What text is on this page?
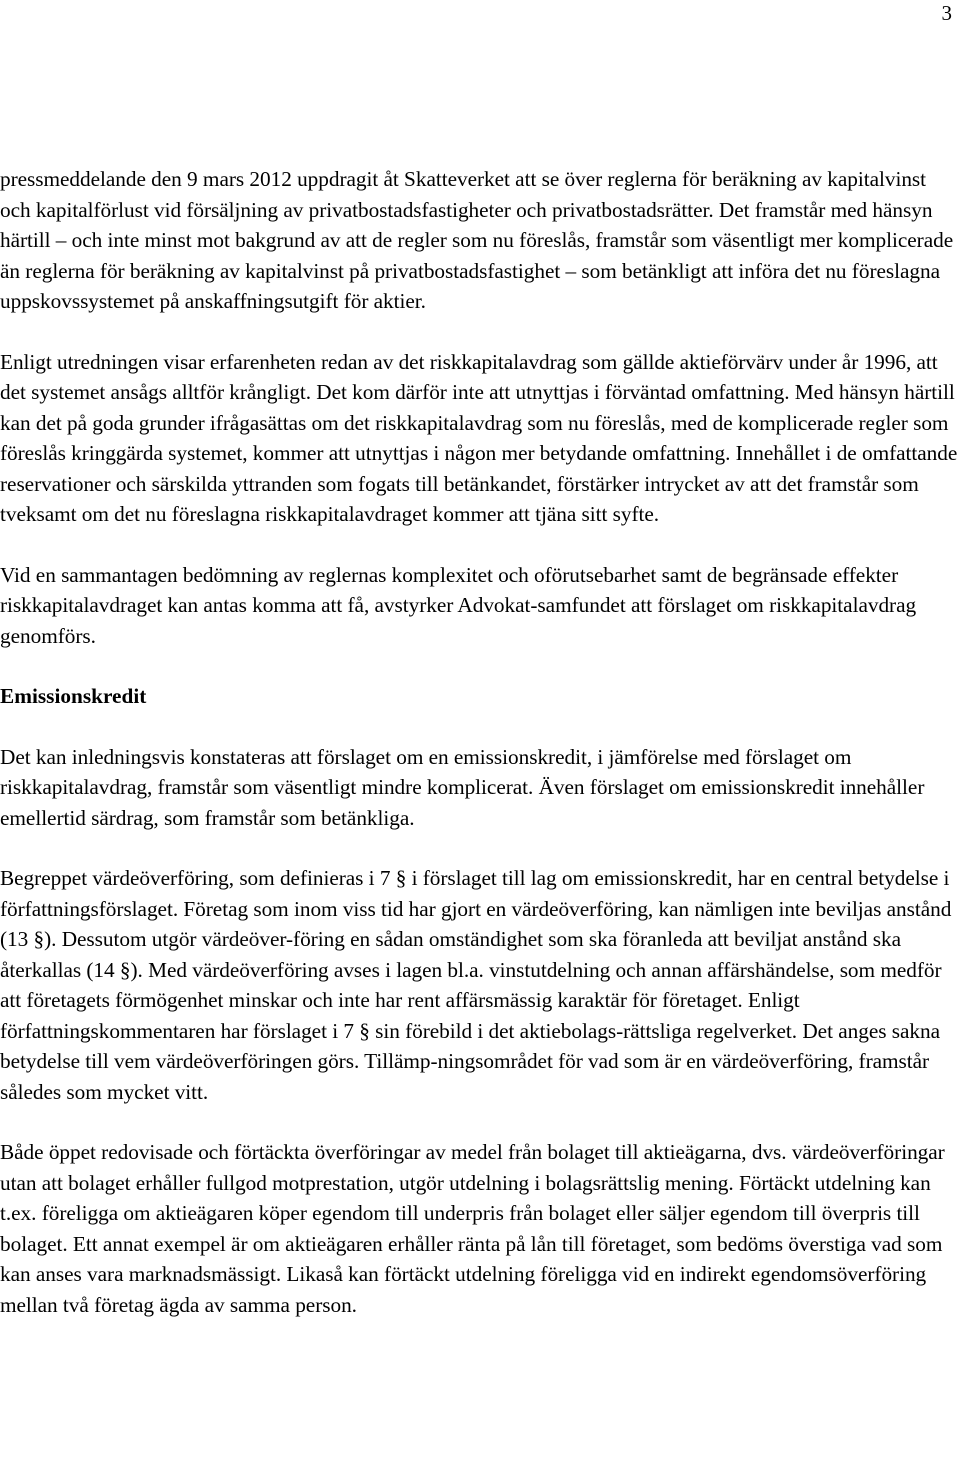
3

pressmeddelande den 9 mars 2012 uppdragit åt Skatteverket att se över reglerna för beräkning av kapitalvinst och kapitalförlust vid försäljning av privatbostadsfastigheter och privatbostadsrätter. Det framstår med hänsyn härtill – och inte minst mot bakgrund av att de regler som nu föreslås, framstår som väsentligt mer komplicerade än reglerna för beräkning av kapitalvinst på privatbostadsfastighet – som betänkligt att införa det nu föreslagna uppskovssystemet på anskaffningsutgift för aktier.

Enligt utredningen visar erfarenheten redan av det riskkapitalavdrag som gällde aktieförvärv under år 1996, att det systemet ansågs alltför krångligt. Det kom därför inte att utnyttjas i förväntad omfattning. Med hänsyn härtill kan det på goda grunder ifrågasättas om det riskkapitalavdrag som nu föreslås, med de komplicerade regler som föreslås kringgärda systemet, kommer att utnyttjas i någon mer betydande omfattning. Innehållet i de omfattande reservationer och särskilda yttranden som fogats till betänkandet, förstärker intrycket av att det framstår som tveksamt om det nu föreslagna riskkapitalavdraget kommer att tjäna sitt syfte.

Vid en sammantagen bedömning av reglernas komplexitet och oförutsebarhet samt de begränsade effekter riskkapitalavdraget kan antas komma att få, avstyrker Advokat-samfundet att förslaget om riskkapitalavdrag genomförs.

Emissionskredit

Det kan inledningsvis konstateras att förslaget om en emissionskredit, i jämförelse med förslaget om riskkapitalavdrag, framstår som väsentligt mindre komplicerat. Även förslaget om emissionskredit innehåller emellertid särdrag, som framstår som betänkliga.

Begreppet värdeöverföring, som definieras i 7 § i förslaget till lag om emissionskredit, har en central betydelse i författningsförslaget. Företag som inom viss tid har gjort en värdeöverföring, kan nämligen inte beviljas anstånd (13 §). Dessutom utgör värdeöver-föring en sådan omständighet som ska föranleda att beviljat anstånd ska återkallas (14 §). Med värdeöverföring avses i lagen bl.a. vinstutdelning och annan affärshändelse, som medför att företagets förmögenhet minskar och inte har rent affärsmässig karaktär för företaget. Enligt författningskommentaren har förslaget i 7 § sin förebild i det aktiebolags-rättsliga regelverket. Det anges sakna betydelse till vem värdeöverföringen görs. Tillämp-ningsområdet för vad som är en värdeöverföring, framstår således som mycket vitt.

Både öppet redovisade och förtäckta överföringar av medel från bolaget till aktieägarna, dvs. värdeöverföringar utan att bolaget erhåller fullgod motprestation, utgör utdelning i bolagsrättslig mening. Förtäckt utdelning kan t.ex. föreligga om aktieägaren köper egendom till underpris från bolaget eller säljer egendom till överpris till bolaget. Ett annat exempel är om aktieägaren erhåller ränta på lån till företaget, som bedöms överstiga vad som kan anses vara marknadsmässigt. Likaså kan förtäckt utdelning föreligga vid en indirekt egendomsöverföring mellan två företag ägda av samma person.
